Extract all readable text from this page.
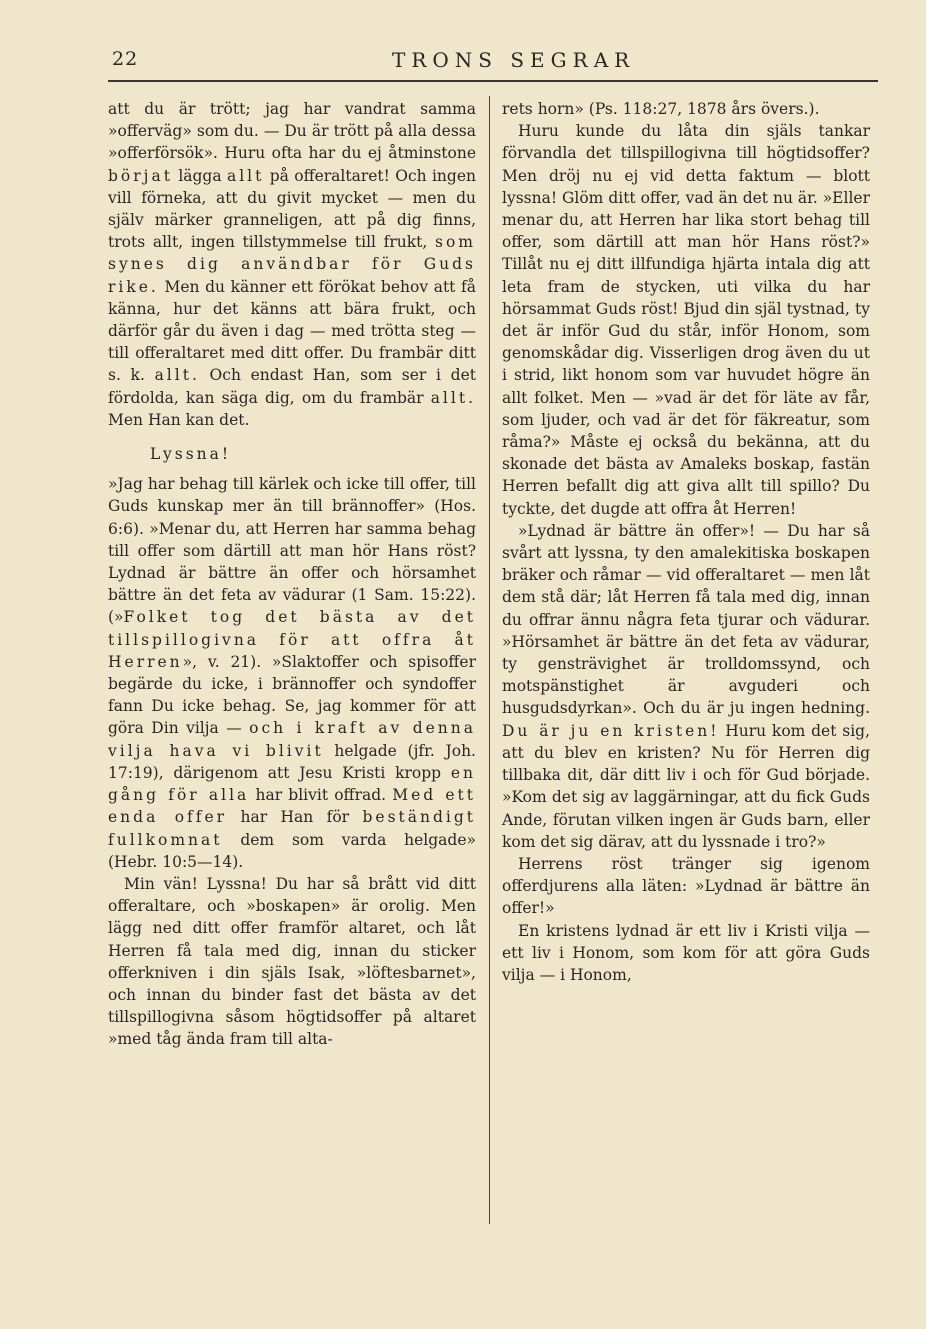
22	TRONS SEGRAR

att du är trött; jag har vandrat samma »offerväg» som du. — Du är trött på alla dessa »offerförsök». Huru ofta har du ej åtminstone börjat lägga allt på offeraltaret! Och ingen vill förneka, att du givit mycket — men du själv märker granneligen, att på dig finns, trots allt, ingen tillstymmelse till frukt, som synes dig användbar för Guds rike. Men du känner ett förökat behov att få känna, hur det känns att bära frukt, och därför går du även i dag — med trötta steg — till offeraltaret med ditt offer. Du frambär ditt s. k. allt. Och endast Han, som ser i det fördolda, kan säga dig, om du frambär allt. Men Han kan det.

Lyssna!

»Jag har behag till kärlek och icke till offer, till Guds kunskap mer än till brännoffer» (Hos. 6:6). »Menar du, att Herren har samma behag till offer som därtill att man hör Hans röst? Lydnad är bättre än offer och hörsamhet bättre än det feta av vädurar (1 Sam. 15:22). (»Folket tog det bästa av det tillspillogivna för att offra åt Herren», v. 21). »Slaktoffer och spisoffer begärde du icke, i brännoffer och syndoffer fann Du icke behag. Se, jag kommer för att göra Din vilja — och i kraft av denna vilja hava vi blivit helgade (jfr. Joh. 17:19), därigenom att Jesu Kristi kropp en gång för alla har blivit offrad. Med ett enda offer har Han för beständigt fullkomnat dem som varda helgade» (Hebr. 10:5—14).

Min vän! Lyssna! Du har så brått vid ditt offeraltare, och »boskapen» är orolig. Men lägg ned ditt offer framför altaret, och låt Herren få tala med dig, innan du sticker offerkniven i din själs Isak, »löftesbarnet», och innan du binder fast det bästa av det tillspillogivna såsom högtidsoffer på altaret »med tåg ända fram till alta-

rets horn» (Ps. 118:27, 1878 års övers.).

Huru kunde du låta din själs tankar förvandla det tillspillogivna till högtidsoffer? Men dröj nu ej vid detta faktum — blott lyssna! Glöm ditt offer, vad än det nu är. »Eller menar du, att Herren har lika stort behag till offer, som därtill att man hör Hans röst?» Tillåt nu ej ditt illfundiga hjärta intala dig att leta fram de stycken, uti vilka du har hörsammat Guds röst! Bjud din själ tystnad, ty det är inför Gud du står, inför Honom, som genomskådar dig. Visserligen drog även du ut i strid, likt honom som var huvudet högre än allt folket. Men — »vad är det för läte av får, som ljuder, och vad är det för fäkreatur, som råma?» Måste ej också du bekänna, att du skonade det bästa av Amaleks boskap, fastän Herren befallt dig att giva allt till spillo? Du tyckte, det dugde att offra åt Herren!

»Lydnad är bättre än offer»! — Du har så svårt att lyssna, ty den amalekitiska boskapen bräker och råmar — vid offeraltaret — men låt dem stå där; låt Herren få tala med dig, innan du offrar ännu några feta tjurar och vädurar. »Hörsamhet är bättre än det feta av vädurar, ty gensträvighet är trolldomssynd, och motspänstighet är avguderi och husgudsdyrkan». Och du är ju ingen hedning. Du är ju en kristen! Huru kom det sig, att du blev en kristen? Nu för Herren dig tillbaka dit, där ditt liv i och för Gud började. »Kom det sig av laggärningar, att du fick Guds Ande, förutan vilken ingen är Guds barn, eller kom det sig därav, att du lyssnade i tro?»

Herrens röst tränger sig igenom offerdjurens alla läten: »Lydnad är bättre än offer!»

En kristens lydnad är ett liv i Kristi vilja — ett liv i Honom, som kom för att göra Guds vilja — i Honom,
